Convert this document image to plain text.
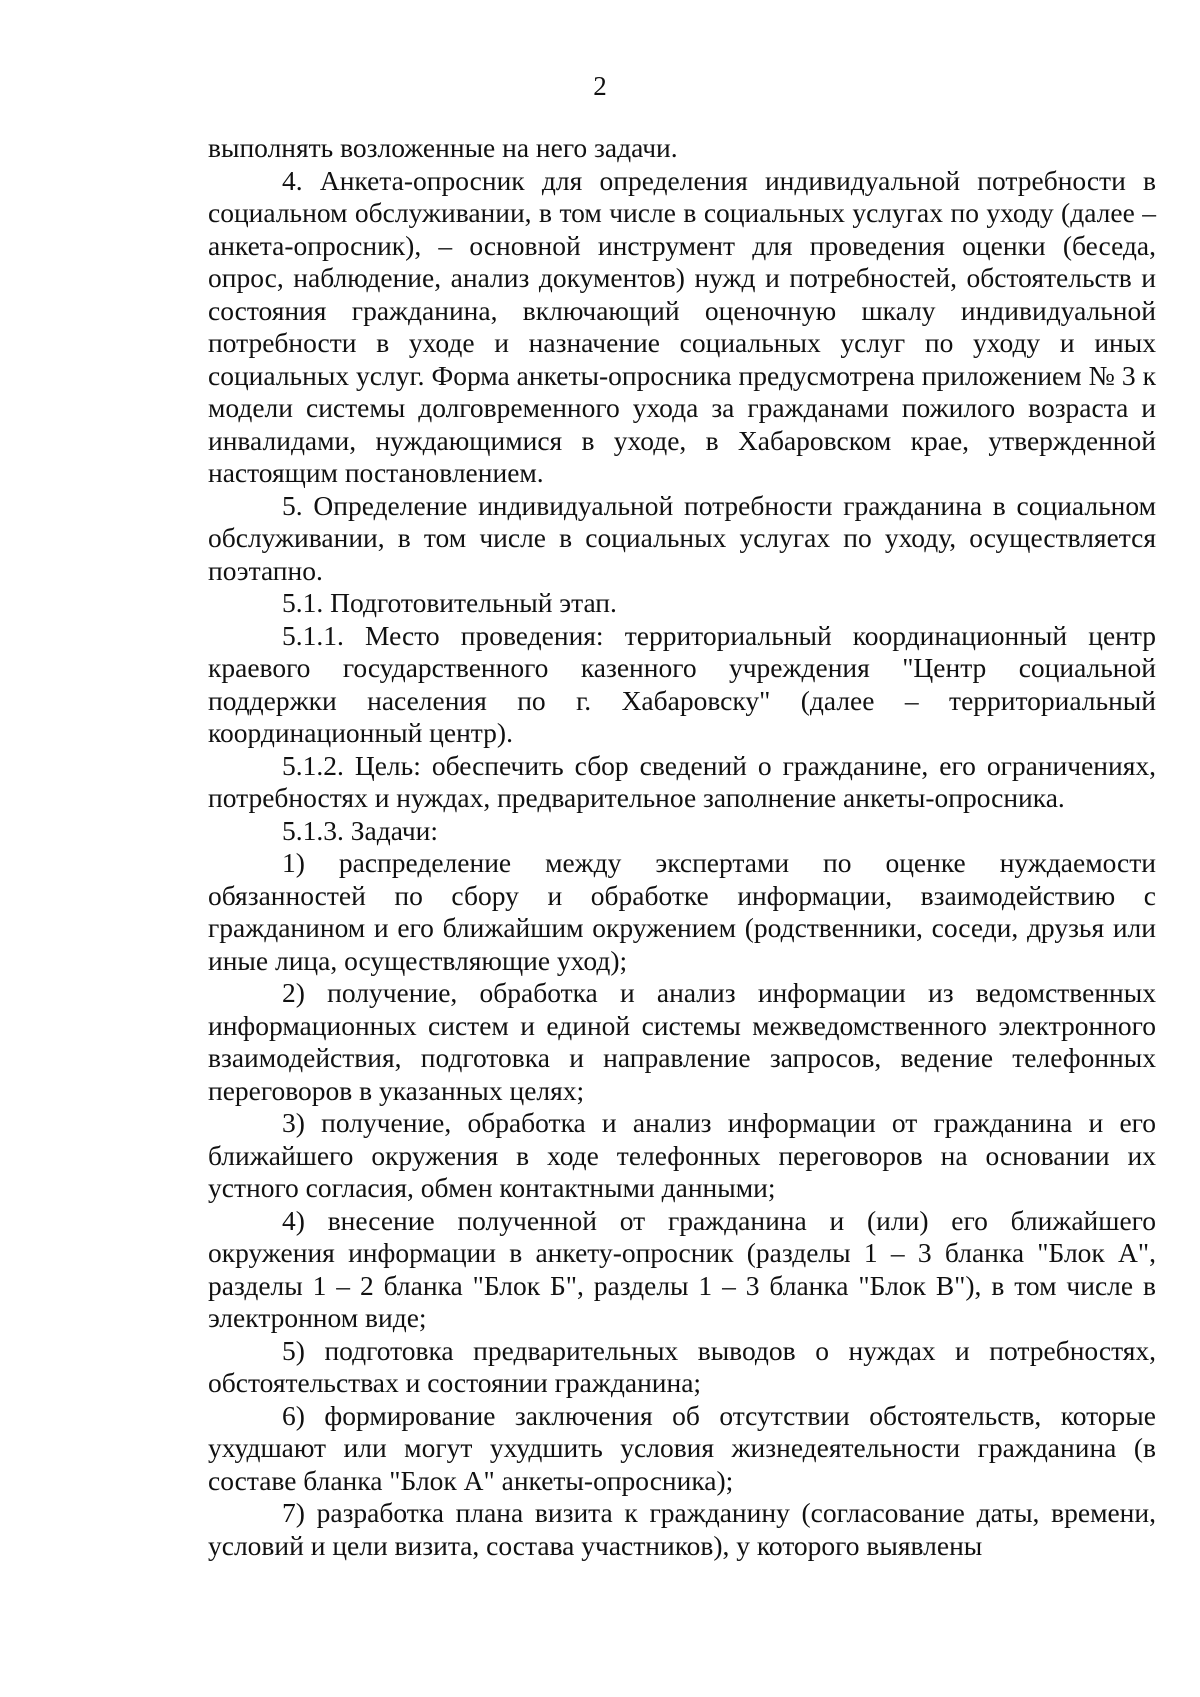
2

выполнять возложенные на него задачи.

4. Анкета-опросник для определения индивидуальной потребности в социальном обслуживании, в том числе в социальных услугах по уходу (далее – анкета-опросник), – основной инструмент для проведения оценки (беседа, опрос, наблюдение, анализ документов) нужд и потребностей, обстоятельств и состояния гражданина, включающий оценочную шкалу индивидуальной потребности в уходе и назначение социальных услуг по уходу и иных социальных услуг. Форма анкеты-опросника предусмотрена приложением № 3 к модели системы долговременного ухода за гражданами пожилого возраста и инвалидами, нуждающимися в уходе, в Хабаровском крае, утвержденной настоящим постановлением.

5. Определение индивидуальной потребности гражданина в социальном обслуживании, в том числе в социальных услугах по уходу, осуществляется поэтапно.

5.1. Подготовительный этап.

5.1.1. Место проведения: территориальный координационный центр краевого государственного казенного учреждения "Центр социальной поддержки населения по г. Хабаровску" (далее – территориальный координационный центр).

5.1.2. Цель: обеспечить сбор сведений о гражданине, его ограничениях, потребностях и нуждах, предварительное заполнение анкеты-опросника.

5.1.3. Задачи:

1) распределение между экспертами по оценке нуждаемости обязанностей по сбору и обработке информации, взаимодействию с гражданином и его ближайшим окружением (родственники, соседи, друзья или иные лица, осуществляющие уход);

2) получение, обработка и анализ информации из ведомственных информационных систем и единой системы межведомственного электронного взаимодействия, подготовка и направление запросов, ведение телефонных переговоров в указанных целях;

3) получение, обработка и анализ информации от гражданина и его ближайшего окружения в ходе телефонных переговоров на основании их устного согласия, обмен контактными данными;

4) внесение полученной от гражданина и (или) его ближайшего окружения информации в анкету-опросник (разделы 1 – 3 бланка "Блок А", разделы 1 – 2 бланка "Блок Б", разделы 1 – 3 бланка "Блок В"), в том числе в электронном виде;

5) подготовка предварительных выводов о нуждах и потребностях, обстоятельствах и состоянии гражданина;

6) формирование заключения об отсутствии обстоятельств, которые ухудшают или могут ухудшить условия жизнедеятельности гражданина (в составе бланка "Блок А" анкеты-опросника);

7) разработка плана визита к гражданину (согласование даты, времени, условий и цели визита, состава участников), у которого выявлены
